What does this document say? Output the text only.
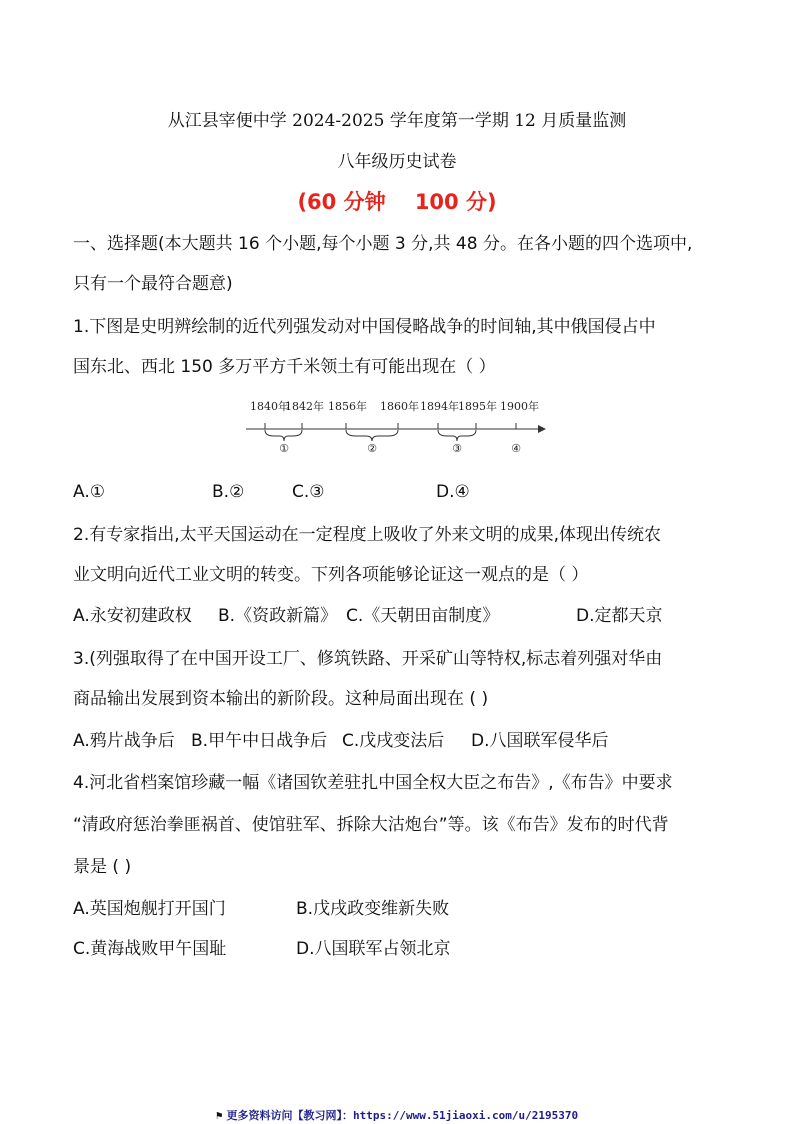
从江县宰便中学 2024-2025 学年度第一学期 12 月质量监测
八年级历史试卷
(60 分钟    100 分)
一、选择题(本大题共 16 个小题,每个小题 3 分,共 48 分。在各小题的四个选项中,
只有一个最符合题意)
1.下图是史明辨绘制的近代列强发动对中国侵略战争的时间轴,其中俄国侵占中
国东北、西北 150 多万平方千米领土有可能出现在（ ）
1840年
1842年 1856年 1860年 1894年 1895年 1900年
①	②	③	④
A.①	B.②	C.③	D.④
2.有专家指出,太平天国运动在一定程度上吸收了外来文明的成果,体现出传统农
业文明向近代工业文明的转变。下列各项能够论证这一观点的是（ ）
A.永安初建政权 B.《资政新篇》 C.《天朝田亩制度》	D.定都天京
3.(列强取得了在中国开设工厂、修筑铁路、开采矿山等特权,标志着列强对华由
商品输出发展到资本输出的新阶段。这种局面出现在 ( )
A.鸦片战争后 B.甲午中日战争后 C.戊戌变法后 D.八国联军侵华后
4.河北省档案馆珍藏一幅《诸国钦差驻扎中国全权大臣之布告》,《布告》中要求
“清政府惩治拳匪祸首、使馆驻军、拆除大沽炮台”等。该《布告》发布的时代背
景是 ( )
A.英国炮舰打开国门	B.戊戌政变维新失败
C.黄海战败甲午国耻	D.八国联军占领北京
⚑ 更多资料访问【教习网】：https://www.51jiaoxi.com/u/2195370
